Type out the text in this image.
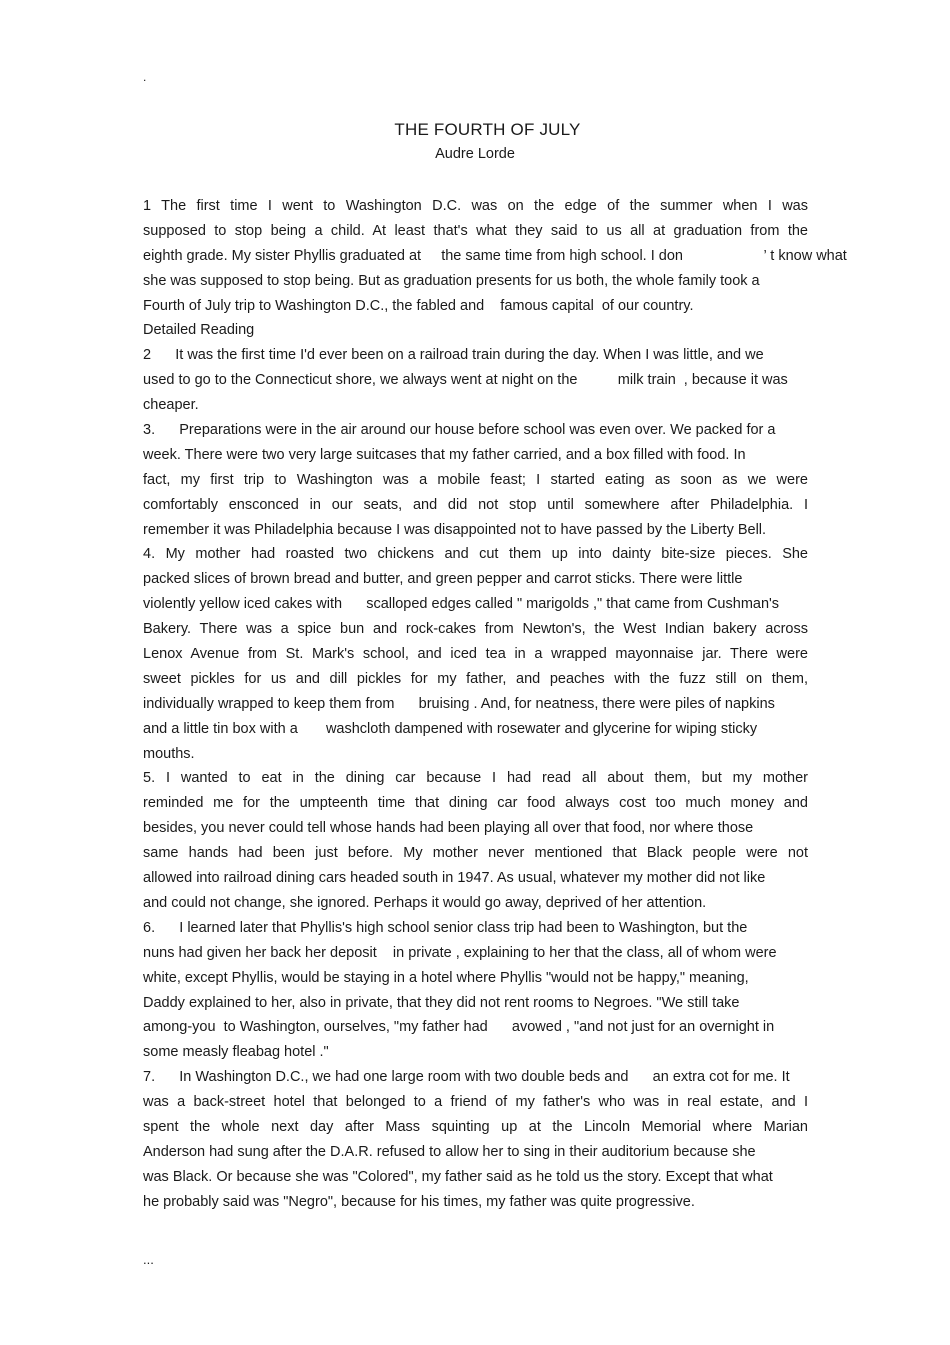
.
THE FOURTH OF JULY
Audre Lorde
1 The first time I went to Washington D.C. was on the edge of the summer when I was
supposed to stop being a child. At least that's what they said to us all at graduation from the
eighth grade. My sister Phyllis graduated at     the same time from high school. I don                    ’ t know what
she was supposed to stop being. But as graduation presents for us both, the whole family took a
Fourth of July trip to Washington D.C., the fabled and    famous capital  of our country.
Detailed Reading
2      It was the first time I'd ever been on a railroad train during the day. When I was little, and we
used to go to the Connecticut shore, we always went at night on the          milk train  , because it was
cheaper.
3.      Preparations were in the air around our house before school was even over. We packed for a
week. There were two very large suitcases that my father carried, and a box filled with food. In
fact, my first trip to Washington was a mobile feast; I started eating as soon as we were
comfortably ensconced in our seats, and did not stop until somewhere after Philadelphia. I
remember it was Philadelphia because I was disappointed not to have passed by the Liberty Bell.
4. My mother had roasted two chickens and cut them up into dainty bite-size pieces. She
packed slices of brown bread and butter, and green pepper and carrot sticks. There were little
violently yellow iced cakes with      scalloped edges called " marigolds ," that came from Cushman's
Bakery. There was a spice bun and rock-cakes from Newton's, the West Indian bakery across
Lenox Avenue from St. Mark's school, and iced tea in a wrapped mayonnaise jar. There were
sweet pickles for us and dill pickles for my father, and peaches with the fuzz still on them,
individually wrapped to keep them from      bruising . And, for neatness, there were piles of napkins
and a little tin box with a       washcloth dampened with rosewater and glycerine for wiping sticky
mouths.
5. I wanted to eat in the dining car because I had read all about them, but my mother
reminded me for the umpteenth time that dining car food always cost too much money and
besides, you never could tell whose hands had been playing all over that food, nor where those
same hands had been just before. My mother never mentioned that Black people were not
allowed into railroad dining cars headed south in 1947. As usual, whatever my mother did not like
and could not change, she ignored. Perhaps it would go away, deprived of her attention.
6.      I learned later that Phyllis's high school senior class trip had been to Washington, but the
nuns had given her back her deposit    in private , explaining to her that the class, all of whom were
white, except Phyllis, would be staying in a hotel where Phyllis "would not be happy," meaning,
Daddy explained to her, also in private, that they did not rent rooms to Negroes. "We still take
among-you  to Washington, ourselves, "my father had      avowed , "and not just for an overnight in
some measly fleabag hotel ."
7.      In Washington D.C., we had one large room with two double beds and      an extra cot for me. It
was a back-street hotel that belonged to a friend of my father's who was in real estate, and I
spent the whole next day after Mass squinting up at the Lincoln Memorial where Marian
Anderson had sung after the D.A.R. refused to allow her to sing in their auditorium because she
was Black. Or because she was "Colored", my father said as he told us the story. Except that what
he probably said was "Negro", because for his times, my father was quite progressive.
...
